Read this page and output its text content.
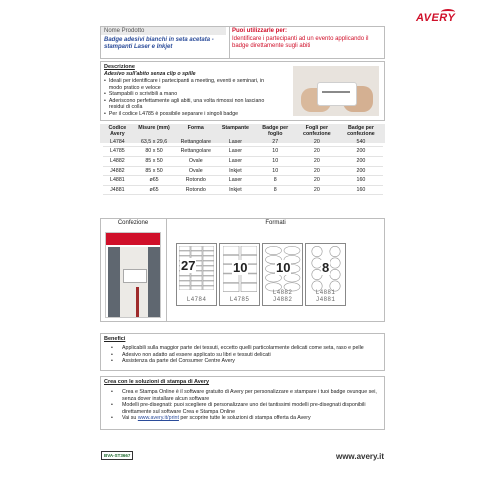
AVERY
Nome Prodotto
Badge adesivi bianchi in seta acetata - stampanti Laser e Inkjet
Puoi utilizzarle per:
Identificare i partecipanti ad un evento applicando il badge direttamente sugli abiti
Descrizione
Adesivo sull'abito senza clip o spille
• Ideali per identificare i partecipanti a meeting, eventi e seminari, in modo pratico e veloce
• Stampabili o scrivibili a mano
• Aderiscono perfettamente agli abiti, una volta rimossi non lasciano residui di colla
• Per il codice L4785 è possibile separare i singoli badge
Codice Avery	Misure (mm)	Forma	Stampante	Badge per foglio	Fogli per confezione	Badge per confezione
L4784	63,5 x 29,6	Rettangolare	Laser	27	20	540
L4785	80 x 50	Rettangolare	Laser	10	20	200
L4882	85 x 50	Ovale	Laser	10	20	200
J4882	85 x 50	Ovale	Inkjet	10	20	200
L4881	ø65	Rotondo	Laser	8	20	160
J4881	ø65	Rotondo	Inkjet	8	20	160
Confezione	Formati
27
L4784
10
L4785
10
L4882
J4882
8
L4881
J4881
Benefici
•	Applicabili sulla maggior parte dei tessuti, eccetto quelli particolarmente delicati come seta, raso e pelle
•	Adesivo non adatto ad essere applicato su libri e tessuti delicati
•	Assistenza da parte del Consumer Centre Avery
Crea con le soluzioni di stampa di Avery
•	Crea e Stampa Online è il software gratuito di Avery per personalizzare e stampare i tuoi badge ovunque sei, senza dover installare alcun software
•	Modelli pre-disegnati: puoi scegliere di personalizzare uno dei tantissimi modelli pre-disegnati disponibili direttamente sul software Crea e Stampa Online
•	Vai su www.avery.it/print per scoprire tutte le soluzioni di stampa offerta da Avery
BVA-ST3667	www.avery.it
